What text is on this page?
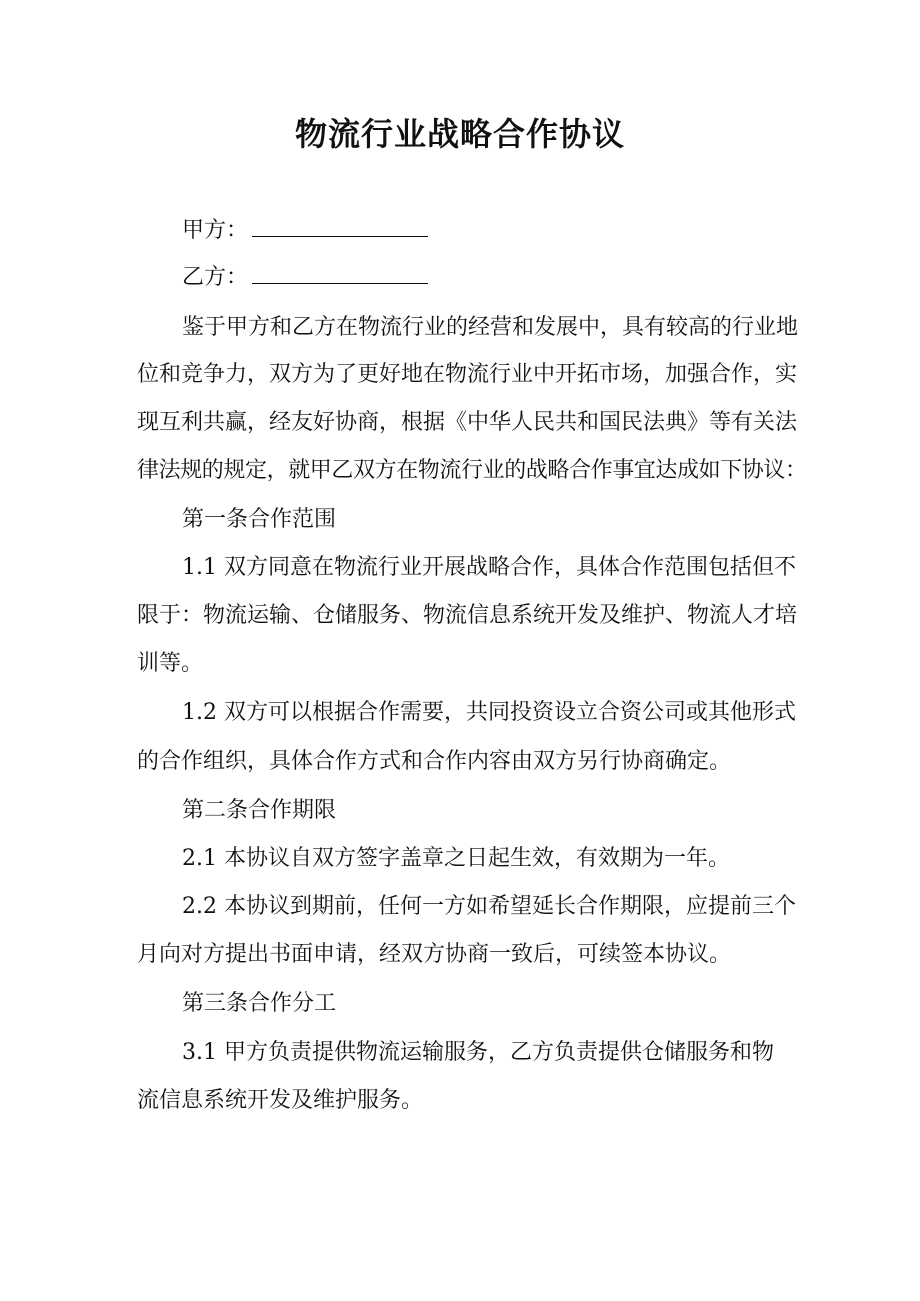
物流行业战略合作协议
甲方：
乙方：
鉴于甲方和乙方在物流行业的经营和发展中，具有较高的行业地
位和竞争力，双方为了更好地在物流行业中开拓市场，加强合作，实
现互利共赢，经友好协商，根据《中华人民共和国民法典》等有关法
律法规的规定，就甲乙双方在物流行业的战略合作事宜达成如下协议：
第一条合作范围
1.1 双方同意在物流行业开展战略合作，具体合作范围包括但不
限于：物流运输、仓储服务、物流信息系统开发及维护、物流人才培
训等。
1.2 双方可以根据合作需要，共同投资设立合资公司或其他形式
的合作组织，具体合作方式和合作内容由双方另行协商确定。
第二条合作期限
2.1 本协议自双方签字盖章之日起生效，有效期为一年。
2.2 本协议到期前，任何一方如希望延长合作期限，应提前三个
月向对方提出书面申请，经双方协商一致后，可续签本协议。
第三条合作分工
3.1 甲方负责提供物流运输服务，乙方负责提供仓储服务和物
流信息系统开发及维护服务。
